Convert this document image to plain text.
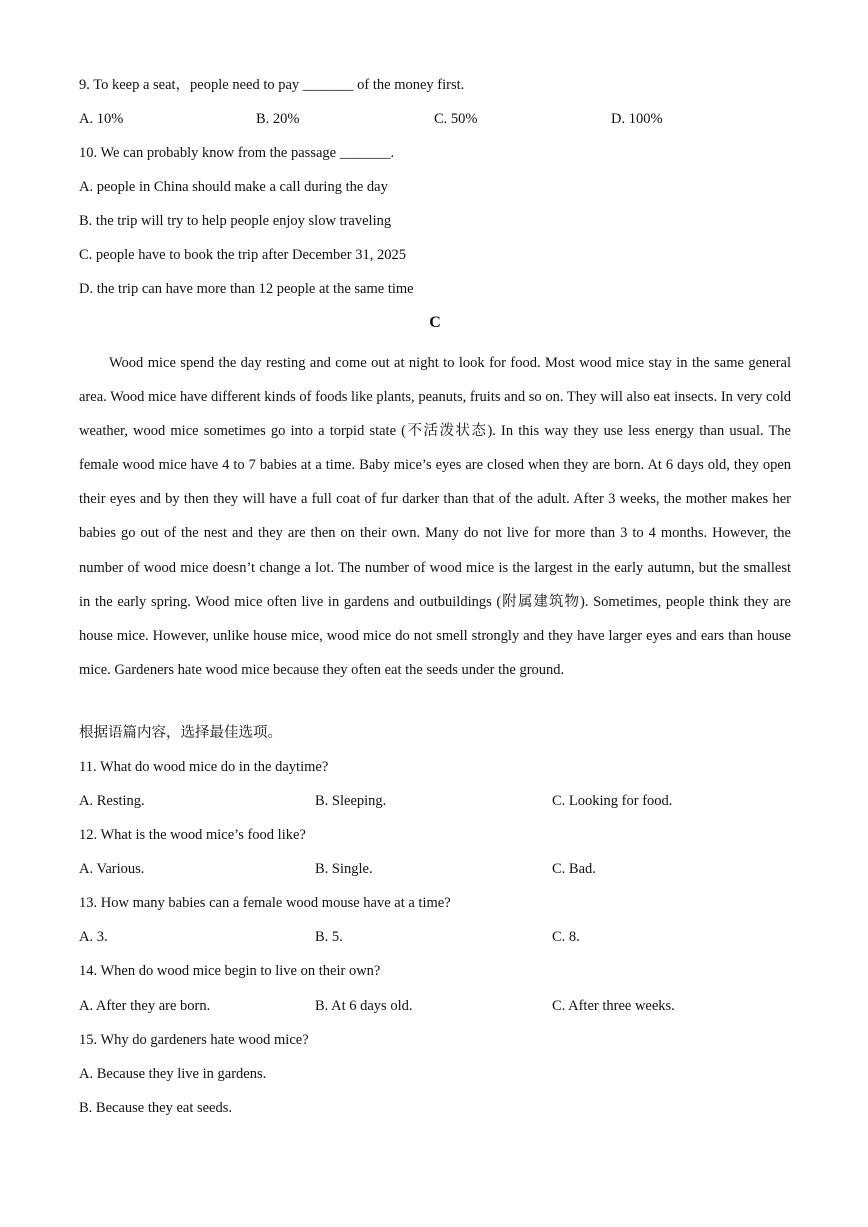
9. To keep a seat，people need to pay _______ of the money first.
A. 10%	B. 20%	C. 50%	D. 100%
10. We can probably know from the passage _______.
A. people in China should make a call during the day
B. the trip will try to help people enjoy slow traveling
C. people have to book the trip after December 31, 2025
D. the trip can have more than 12 people at the same time
C
Wood mice spend the day resting and come out at night to look for food. Most wood mice stay in the same general area. Wood mice have different kinds of foods like plants, peanuts, fruits and so on. They will also eat insects. In very cold weather, wood mice sometimes go into a torpid state (不活泼状态). In this way they use less energy than usual. The female wood mice have 4 to 7 babies at a time. Baby mice’s eyes are closed when they are born. At 6 days old, they open their eyes and by then they will have a full coat of fur darker than that of the adult. After 3 weeks, the mother makes her babies go out of the nest and they are then on their own. Many do not live for more than 3 to 4 months. However, the number of wood mice doesn’t change a lot. The number of wood mice is the largest in the early autumn, but the smallest in the early spring. Wood mice often live in gardens and outbuildings (附属建筑物). Sometimes, people think they are house mice. However, unlike house mice, wood mice do not smell strongly and they have larger eyes and ears than house mice. Gardeners hate wood mice because they often eat the seeds under the ground.
根据语篇内容，选择最佳选项。
11. What do wood mice do in the daytime?
A. Resting.	B. Sleeping.	C. Looking for food.
12. What is the wood mice’s food like?
A. Various.	B. Single.	C. Bad.
13. How many babies can a female wood mouse have at a time?
A. 3.	B. 5.	C. 8.
14. When do wood mice begin to live on their own?
A. After they are born.	B. At 6 days old.	C. After three weeks.
15. Why do gardeners hate wood mice?
A. Because they live in gardens.
B. Because they eat seeds.
